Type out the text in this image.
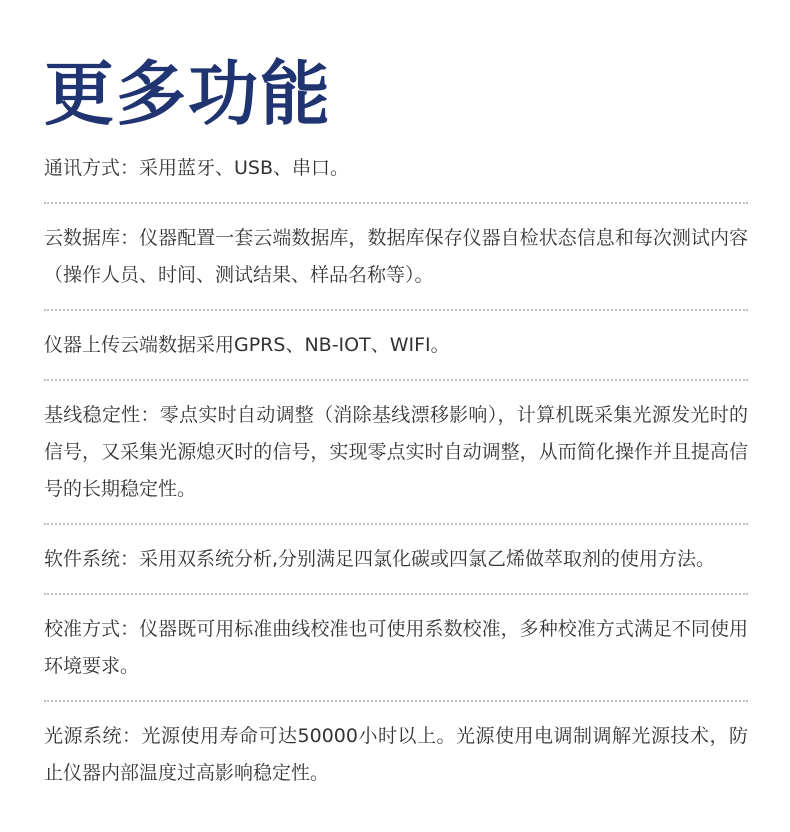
更多功能

通讯方式：采用蓝牙、USB、串口。

云数据库：仪器配置一套云端数据库，数据库保存仪器自检状态信息和每次测试内容（操作人员、时间、测试结果、样品名称等）。

仪器上传云端数据采用GPRS、NB-IOT、WIFI。

基线稳定性：零点实时自动调整（消除基线漂移影响），计算机既采集光源发光时的信号，又采集光源熄灭时的信号，实现零点实时自动调整，从而简化操作并且提高信号的长期稳定性。

软件系统：采用双系统分析,分别满足四氯化碳或四氯乙烯做萃取剂的使用方法。

校准方式：仪器既可用标准曲线校准也可使用系数校准，多种校准方式满足不同使用环境要求。

光源系统：光源使用寿命可达50000小时以上。光源使用电调制调解光源技术，防止仪器内部温度过高影响稳定性。
